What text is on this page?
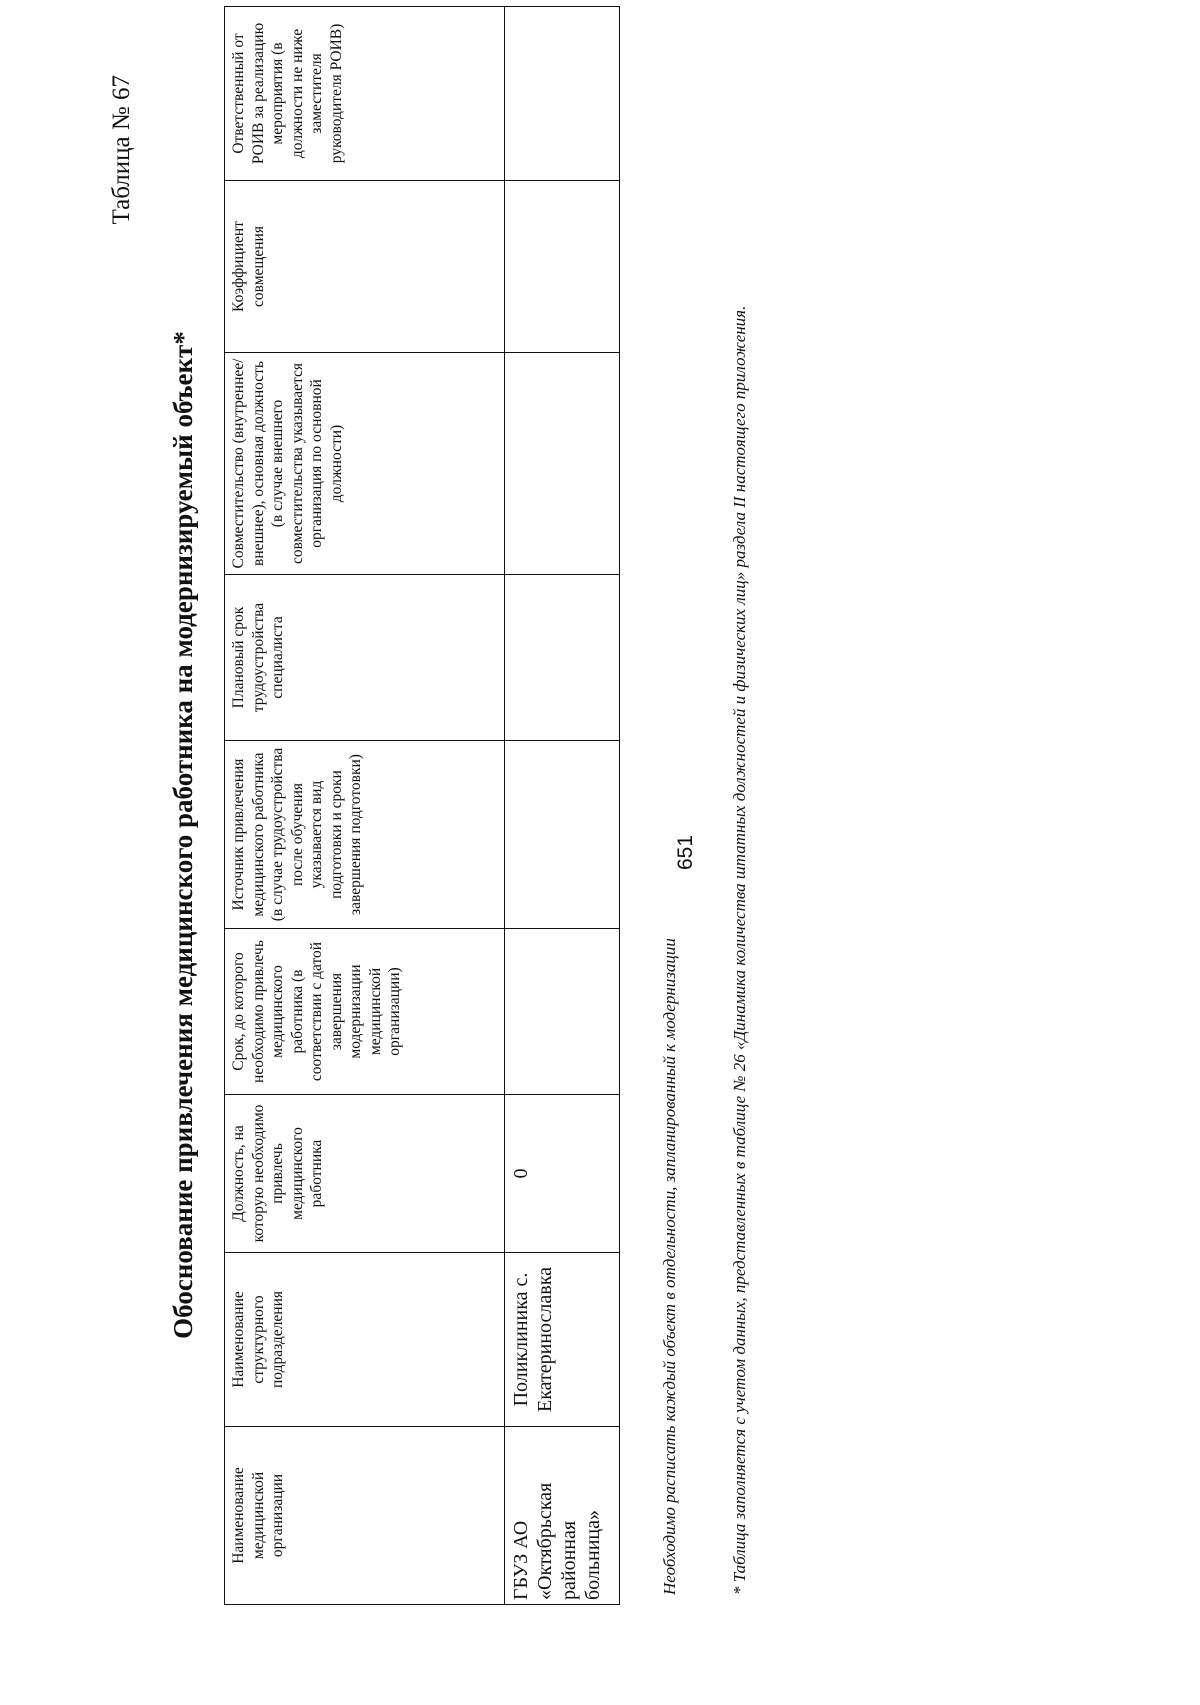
651
Таблица № 67
Обоснование привлечения медицинского работника на модернизируемый объект*
Наименование медицинской организации	Наименование структурного подразделения	Должность, на которую необходимо привлечь медицинского работника	Срок, до которого необходимо привлечь медицинского работника (в соответствии с датой завершения модернизации медицинской организации)	Источник привлечения медицинского работника (в случае трудоустройства после обучения указывается вид подготовки и сроки завершения подготовки)	Плановый срок трудоустройства специалиста	Совместительство (внутреннее/ внешнее), основная должность (в случае внешнего совместительства указывается организация по основной должности)	Коэффициент совмещения	Ответственный от РОИВ за реализацию мероприятия (в должности не ниже заместителя руководителя РОИВ)
ГБУЗ АО «Октябрьская районная больница»	Поликлиника с. Екатеринославка	0							Необходимо расписать каждый объект в отдельности, запланированный к модернизации	* Таблица заполняется с учетом данных, представленных в таблице № 26 «Динамика количества штатных должностей и физических лиц» раздела II настоящего приложения.
